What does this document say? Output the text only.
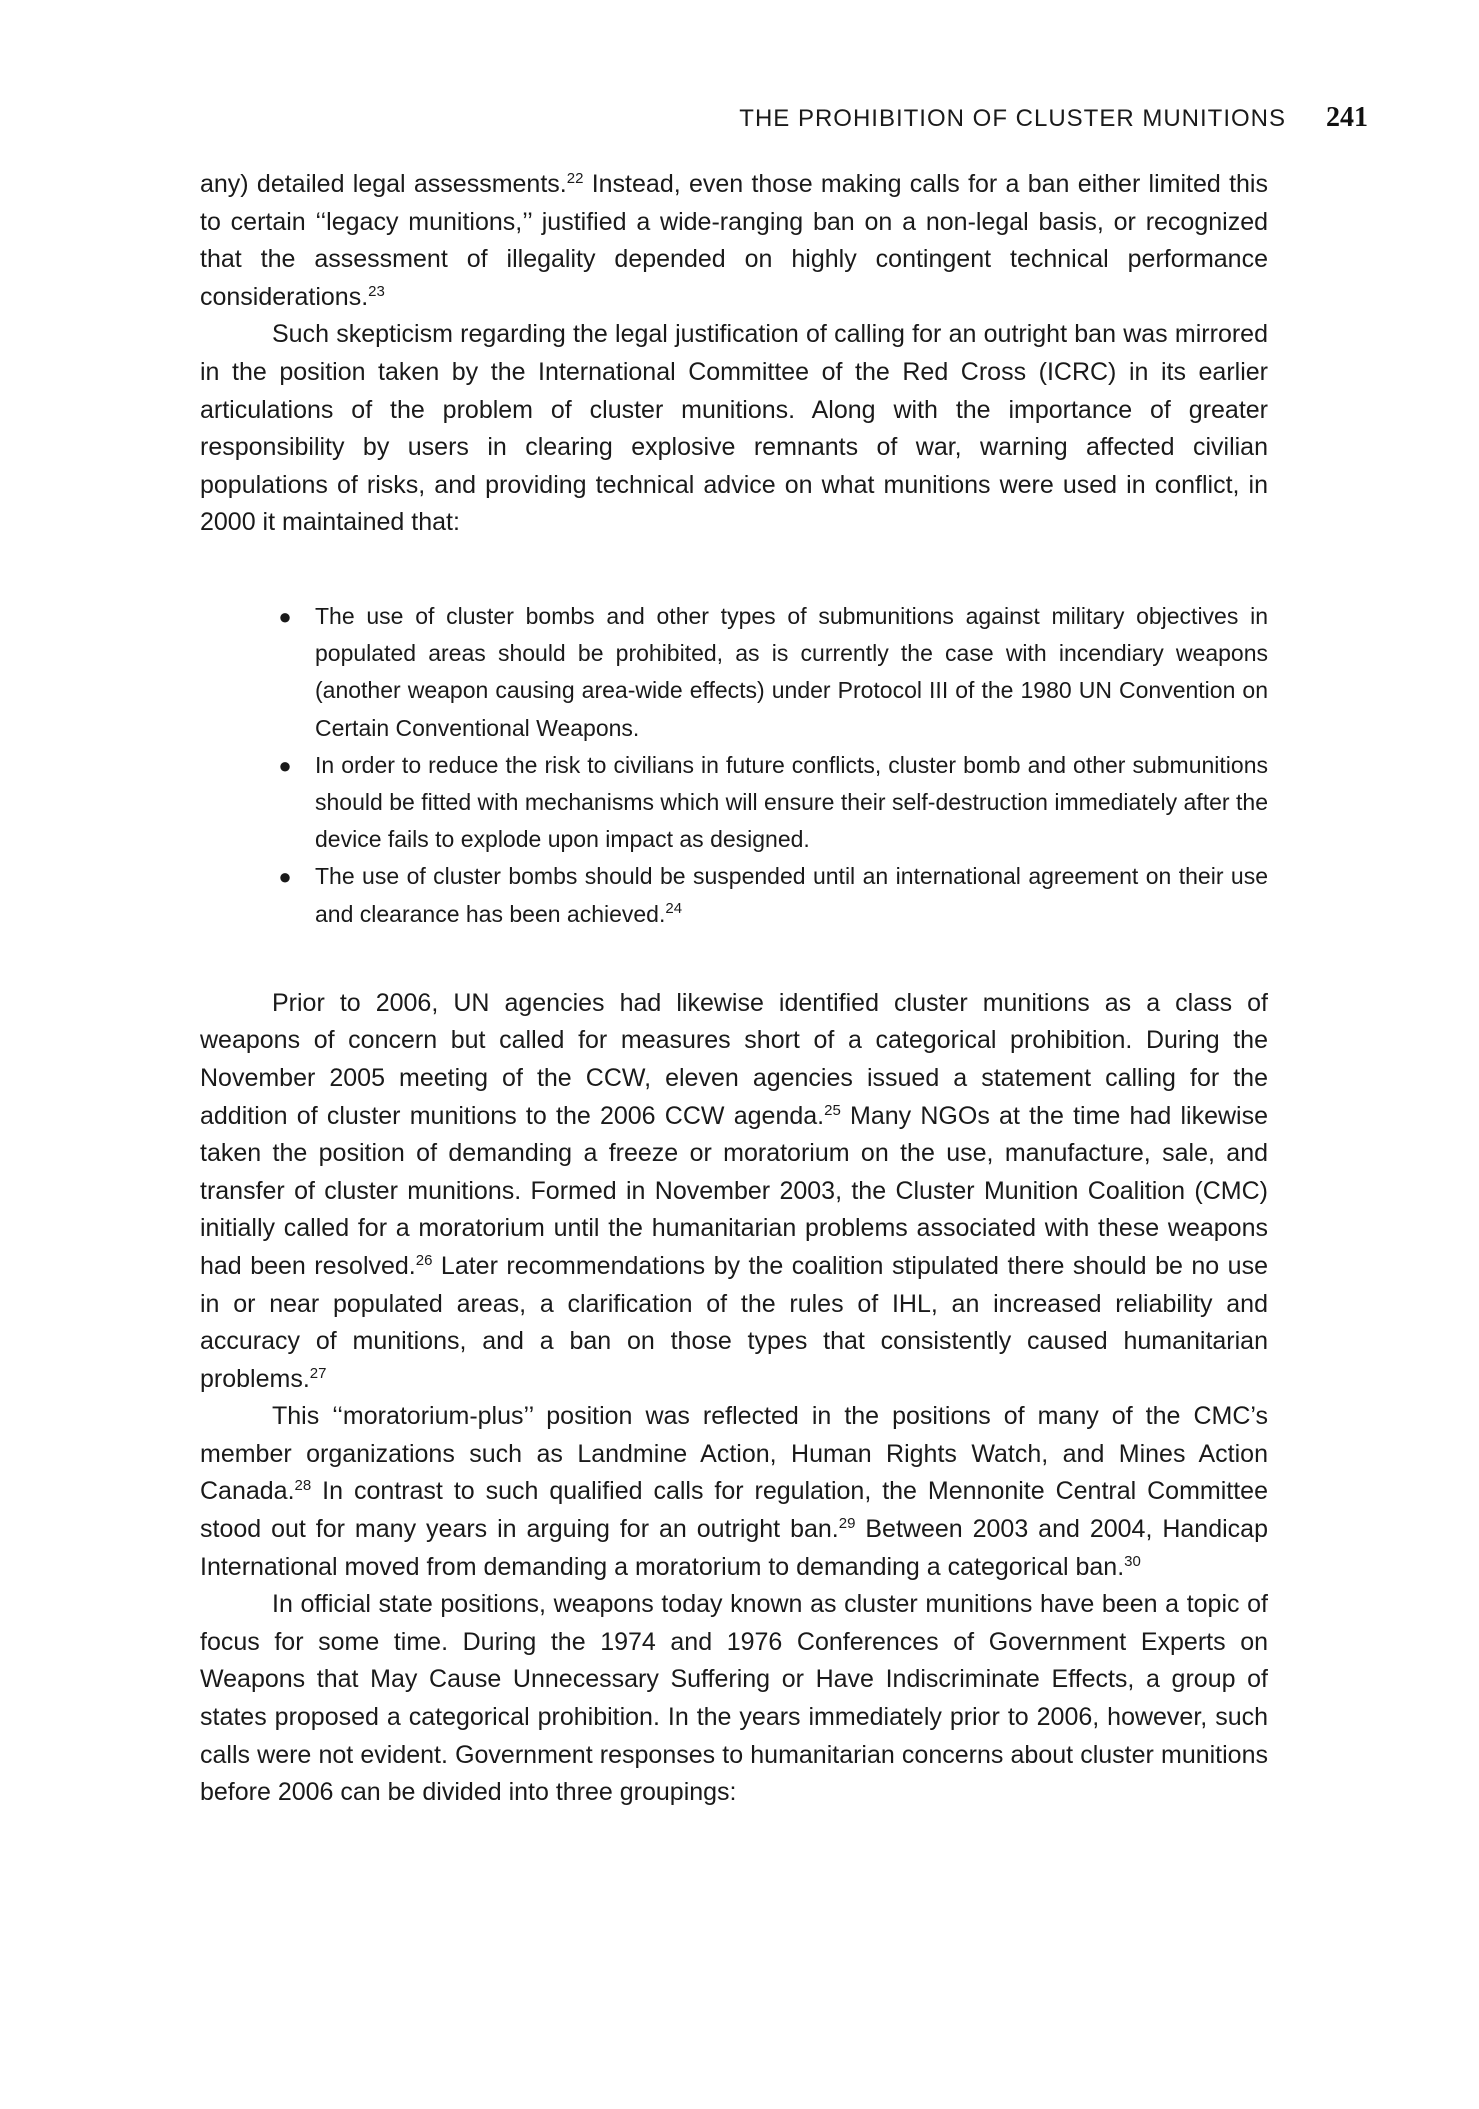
THE PROHIBITION OF CLUSTER MUNITIONS 241

any) detailed legal assessments.$^{22}$ Instead, even those making calls for a ban either limited this to certain ‘‘legacy munitions,’’ justified a wide-ranging ban on a non-legal basis, or recognized that the assessment of illegality depended on highly contingent technical performance considerations.$^{23}$

Such skepticism regarding the legal justification of calling for an outright ban was mirrored in the position taken by the International Committee of the Red Cross (ICRC) in its earlier articulations of the problem of cluster munitions. Along with the importance of greater responsibility by users in clearing explosive remnants of war, warning affected civilian populations of risks, and providing technical advice on what munitions were used in conflict, in 2000 it maintained that:

● The use of cluster bombs and other types of submunitions against military objectives in populated areas should be prohibited, as is currently the case with incendiary weapons (another weapon causing area-wide effects) under Protocol III of the 1980 UN Convention on Certain Conventional Weapons.
● In order to reduce the risk to civilians in future conflicts, cluster bomb and other submunitions should be fitted with mechanisms which will ensure their self-destruction immediately after the device fails to explode upon impact as designed.
● The use of cluster bombs should be suspended until an international agreement on their use and clearance has been achieved.$^{24}$

Prior to 2006, UN agencies had likewise identified cluster munitions as a class of weapons of concern but called for measures short of a categorical prohibition. During the November 2005 meeting of the CCW, eleven agencies issued a statement calling for the addition of cluster munitions to the 2006 CCW agenda.$^{25}$ Many NGOs at the time had likewise taken the position of demanding a freeze or moratorium on the use, manufacture, sale, and transfer of cluster munitions. Formed in November 2003, the Cluster Munition Coalition (CMC) initially called for a moratorium until the humanitarian problems associated with these weapons had been resolved.$^{26}$ Later recommendations by the coalition stipulated there should be no use in or near populated areas, a clarification of the rules of IHL, an increased reliability and accuracy of munitions, and a ban on those types that consistently caused humanitarian problems.$^{27}$

This ‘‘moratorium-plus’’ position was reflected in the positions of many of the CMC’s member organizations such as Landmine Action, Human Rights Watch, and Mines Action Canada.$^{28}$ In contrast to such qualified calls for regulation, the Mennonite Central Committee stood out for many years in arguing for an outright ban.$^{29}$ Between 2003 and 2004, Handicap International moved from demanding a moratorium to demanding a categorical ban.$^{30}$

In official state positions, weapons today known as cluster munitions have been a topic of focus for some time. During the 1974 and 1976 Conferences of Government Experts on Weapons that May Cause Unnecessary Suffering or Have Indiscriminate Effects, a group of states proposed a categorical prohibition. In the years immediately prior to 2006, however, such calls were not evident. Government responses to humanitarian concerns about cluster munitions before 2006 can be divided into three groupings:
